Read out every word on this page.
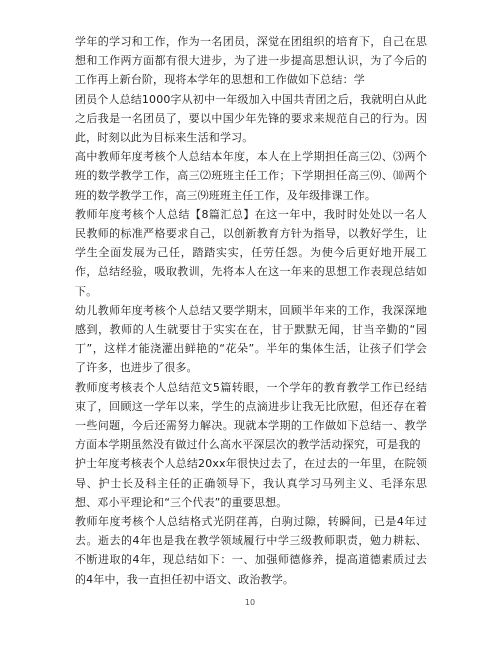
学年的学习和工作，作为一名团员，深觉在团组织的培育下，自己在思想和工作两方面都有很大进步，为了进一步提高思想认识，为了今后的工作再上新台阶，现将本学年的思想和工作做如下总结：学

团员个人总结1000字从初中一年级加入中国共青团之后，我就明白从此之后我是一名团员了，要以中国少年先锋的要求来规范自己的行为。因此，时刻以此为目标来生活和学习。

高中教师年度考核个人总结本年度，本人在上学期担任高三⑵、⑶两个班的数学教学工作，高三⑵班班主任工作；下学期担任高三⑼、⑽两个班的数学教学工作，高三⑼班班主任工作，及年级排课工作。

教师年度考核个人总结【8篇汇总】在这一年中，我时时处处以一名人民教师的标准严格要求自己，以创新教育方针为指导，以教好学生，让学生全面发展为己任，踏踏实实，任劳任怨。为使今后更好地开展工作，总结经验，吸取教训，先将本人在这一年来的思想工作表现总结如下。

幼儿教师年度考核个人总结又要学期末，回顾半年来的工作，我深深地感到，教师的人生就要甘于实实在在，甘于默默无闻，甘当辛勤的“园丁”，这样才能浇灌出鲜艳的“花朵”。半年的集体生活，让孩子们学会了许多，也进步了很多。

教师度考核表个人总结范文5篇转眼，一个学年的教育教学工作已经结束了，回顾这一学年以来，学生的点滴进步让我无比欣慰，但还存在着一些问题，今后还需努力解决。现就本学期的工作做如下总结一、教学方面本学期虽然没有做过什么高水平深层次的教学活动探究，可是我的

护士年度考核表个人总结20xx年很快过去了，在过去的一年里，在院领导、护士长及科主任的正确领导下，我认真学习马列主义、毛泽东思想、邓小平理论和“三个代表”的重要思想。

教师年度考核个人总结格式光阴荏苒，白驹过隙，转瞬间，已是4年过去。逝去的4年也是我在教学领域履行中学三级教师职责，勉力耕耘、不断进取的4年，现总结如下：一、加强师德修养，提高道德素质过去的4年中，我一直担任初中语文、政治教学。

10
